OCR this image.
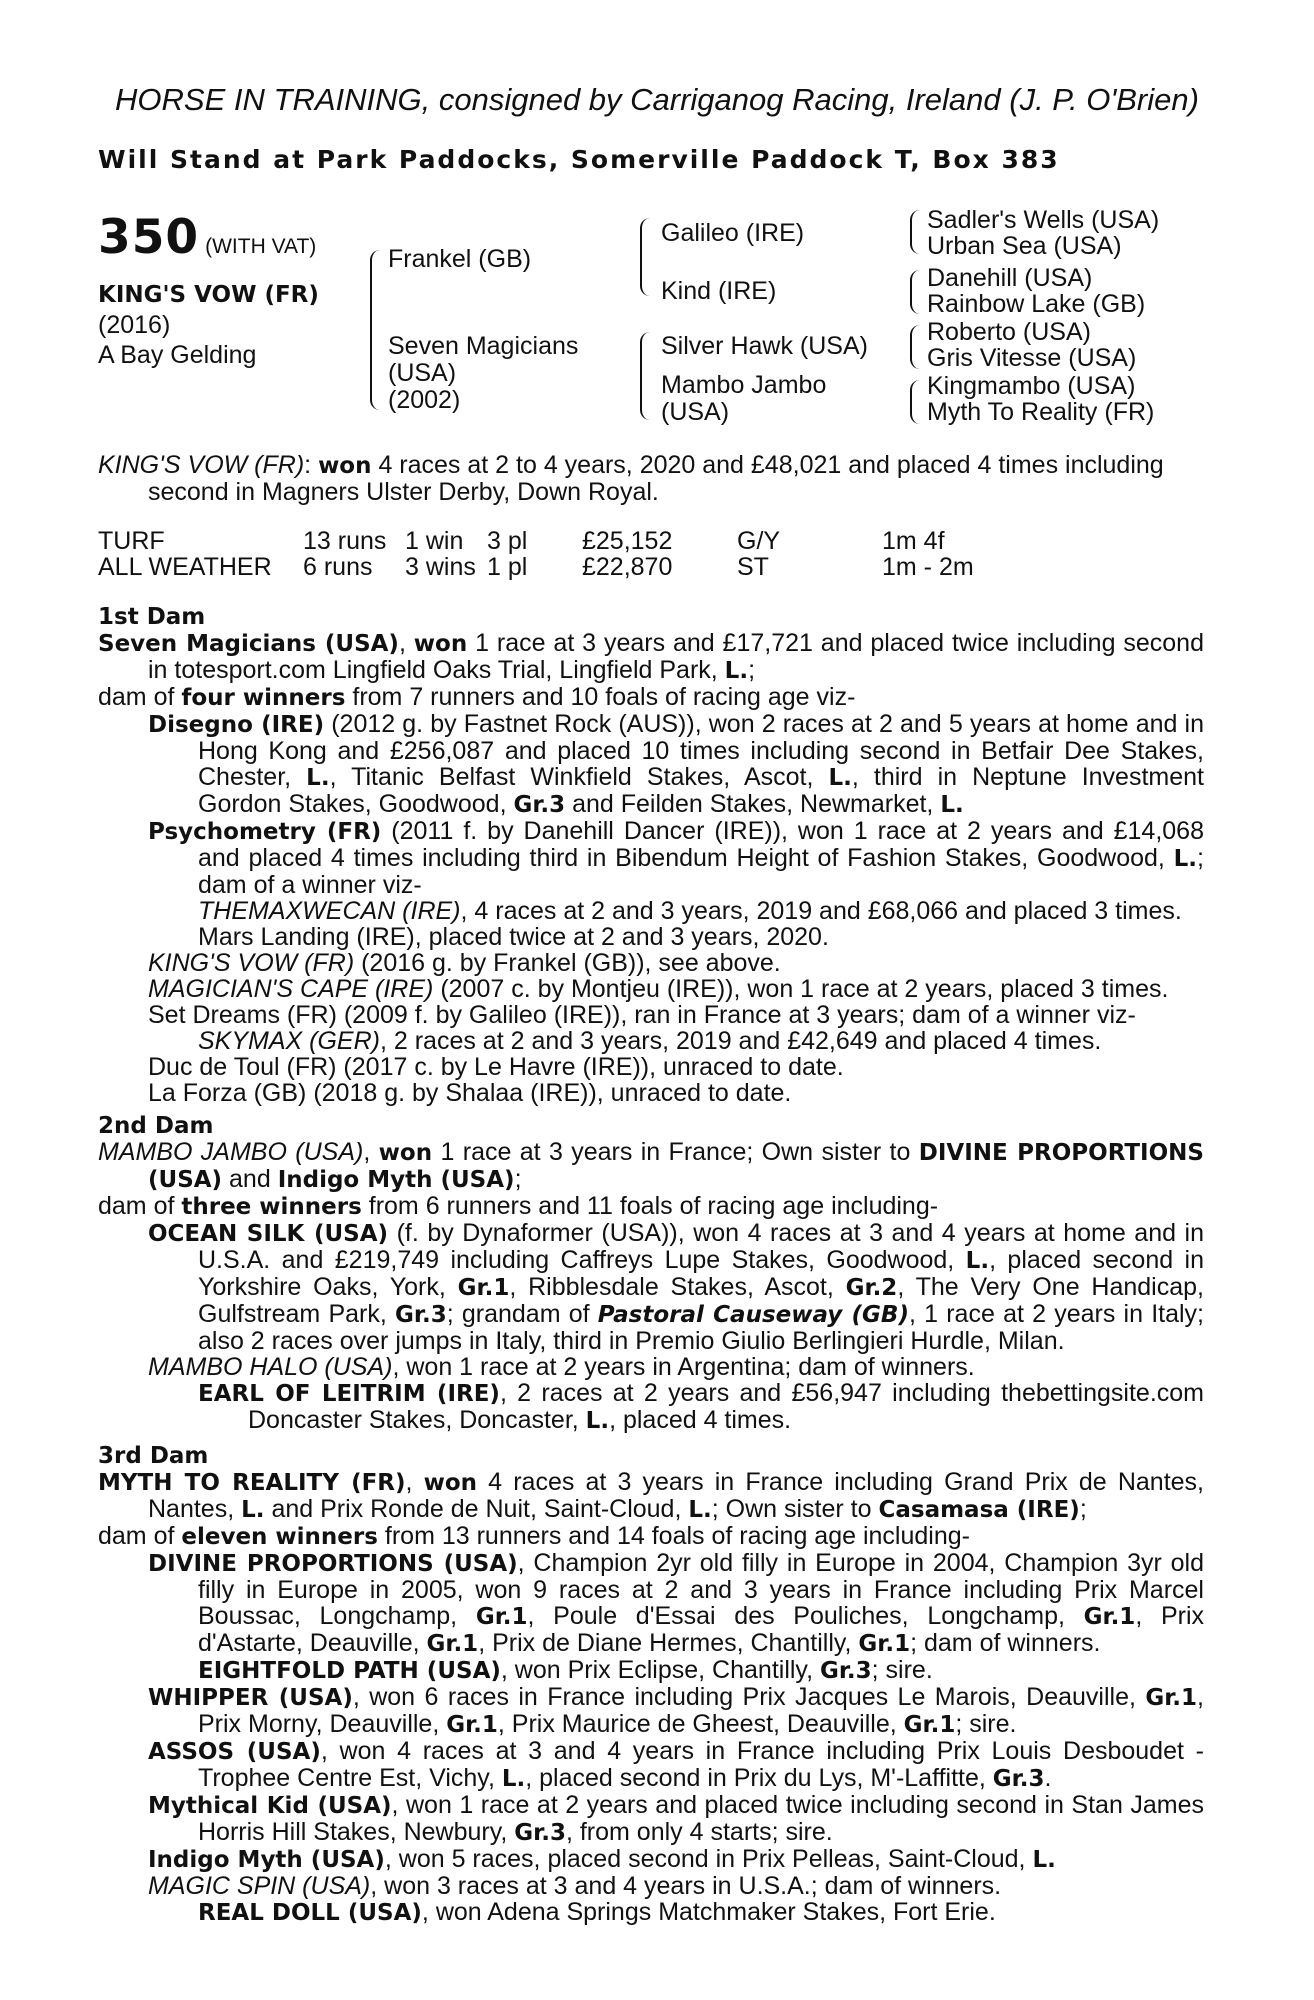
HORSE IN TRAINING, consigned by Carriganog Racing, Ireland (J. P. O'Brien)
Will Stand at Park Paddocks, Somerville Paddock T, Box 383
350 (WITH VAT)
KING'S VOW (FR)
(2016)
A Bay Gelding
Frankel (GB)
Seven Magicians
(USA)
(2002)
Galileo (IRE)
Kind (IRE)
Silver Hawk (USA)
Mambo Jambo
(USA)
Sadler's Wells (USA)
Urban Sea (USA)
Danehill (USA)
Rainbow Lake (GB)
Roberto (USA)
Gris Vitesse (USA)
Kingmambo (USA)
Myth To Reality (FR)
KING'S VOW (FR): won 4 races at 2 to 4 years, 2020 and £48,021 and placed 4 times including
second in Magners Ulster Derby, Down Royal.
TURF	13 runs	1 win	3 pl	£25,152	G/Y	1m 4f
ALL WEATHER	6 runs	3 wins	1 pl	£22,870	ST	1m - 2m
1st Dam
Seven Magicians (USA), won 1 race at 3 years and £17,721 and placed twice including second in totesport.com Lingfield Oaks Trial, Lingfield Park, L.;
dam of four winners from 7 runners and 10 foals of racing age viz-
Disegno (IRE) (2012 g. by Fastnet Rock (AUS)), won 2 races at 2 and 5 years at home and in Hong Kong and £256,087 and placed 10 times including second in Betfair Dee Stakes, Chester, L., Titanic Belfast Winkfield Stakes, Ascot, L., third in Neptune Investment Gordon Stakes, Goodwood, Gr.3 and Feilden Stakes, Newmarket, L.
Psychometry (FR) (2011 f. by Danehill Dancer (IRE)), won 1 race at 2 years and £14,068 and placed 4 times including third in Bibendum Height of Fashion Stakes, Goodwood, L.; dam of a winner viz-
THEMAXWECAN (IRE), 4 races at 2 and 3 years, 2019 and £68,066 and placed 3 times.
Mars Landing (IRE), placed twice at 2 and 3 years, 2020.
KING'S VOW (FR) (2016 g. by Frankel (GB)), see above.
MAGICIAN'S CAPE (IRE) (2007 c. by Montjeu (IRE)), won 1 race at 2 years, placed 3 times.
Set Dreams (FR) (2009 f. by Galileo (IRE)), ran in France at 3 years; dam of a winner viz-
SKYMAX (GER), 2 races at 2 and 3 years, 2019 and £42,649 and placed 4 times.
Duc de Toul (FR) (2017 c. by Le Havre (IRE)), unraced to date.
La Forza (GB) (2018 g. by Shalaa (IRE)), unraced to date.
2nd Dam
MAMBO JAMBO (USA), won 1 race at 3 years in France; Own sister to DIVINE PROPORTIONS (USA) and Indigo Myth (USA);
dam of three winners from 6 runners and 11 foals of racing age including-
OCEAN SILK (USA) (f. by Dynaformer (USA)), won 4 races at 3 and 4 years at home and in U.S.A. and £219,749 including Caffreys Lupe Stakes, Goodwood, L., placed second in Yorkshire Oaks, York, Gr.1, Ribblesdale Stakes, Ascot, Gr.2, The Very One Handicap, Gulfstream Park, Gr.3; grandam of Pastoral Causeway (GB), 1 race at 2 years in Italy; also 2 races over jumps in Italy, third in Premio Giulio Berlingieri Hurdle, Milan.
MAMBO HALO (USA), won 1 race at 2 years in Argentina; dam of winners.
EARL OF LEITRIM (IRE), 2 races at 2 years and £56,947 including thebettingsite.com Doncaster Stakes, Doncaster, L., placed 4 times.
3rd Dam
MYTH TO REALITY (FR), won 4 races at 3 years in France including Grand Prix de Nantes, Nantes, L. and Prix Ronde de Nuit, Saint-Cloud, L.; Own sister to Casamasa (IRE);
dam of eleven winners from 13 runners and 14 foals of racing age including-
DIVINE PROPORTIONS (USA), Champion 2yr old filly in Europe in 2004, Champion 3yr old filly in Europe in 2005, won 9 races at 2 and 3 years in France including Prix Marcel Boussac, Longchamp, Gr.1, Poule d'Essai des Pouliches, Longchamp, Gr.1, Prix d'Astarte, Deauville, Gr.1, Prix de Diane Hermes, Chantilly, Gr.1; dam of winners.
EIGHTFOLD PATH (USA), won Prix Eclipse, Chantilly, Gr.3; sire.
WHIPPER (USA), won 6 races in France including Prix Jacques Le Marois, Deauville, Gr.1, Prix Morny, Deauville, Gr.1, Prix Maurice de Gheest, Deauville, Gr.1; sire.
ASSOS (USA), won 4 races at 3 and 4 years in France including Prix Louis Desboudet - Trophee Centre Est, Vichy, L., placed second in Prix du Lys, M'-Laffitte, Gr.3.
Mythical Kid (USA), won 1 race at 2 years and placed twice including second in Stan James Horris Hill Stakes, Newbury, Gr.3, from only 4 starts; sire.
Indigo Myth (USA), won 5 races, placed second in Prix Pelleas, Saint-Cloud, L.
MAGIC SPIN (USA), won 3 races at 3 and 4 years in U.S.A.; dam of winners.
REAL DOLL (USA), won Adena Springs Matchmaker Stakes, Fort Erie.
